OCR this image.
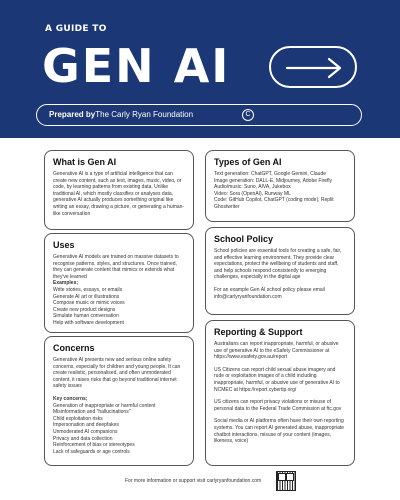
A GUIDE TO
GEN AI
Prepared byThe Carly Ryan Foundation	C
What is Gen AI

Generative AI is a type of artificial intelligence that can create new content, such as text, images, music, video, or code, by learning patterns from existing data. Unlike traditional AI, which mostly classifies or analyses data, generative AI actually produces something original like writing an essay, drawing a picture, or generating a human-like conversation

Uses

Generative AI models are trained on massive datasets to recognise patterns, styles, and structures. Once trained, they can generate content that mimics or extends what they've learned

Examples;

Write stories, essays, or emails
Generate AI art or illustrations
Compose music or mimic voices
Create new product designs
Simulate human conversation
Help with software development
Concerns

Generative AI presents new and serious online safety concerns, especially for children and young people. It can create realistic, personalised, and often unmoderated content, it raises risks that go beyond traditional internet safety issues

Key concerns;

Generation of inappropriate or harmful content
Misinformation and "hallucinations"
Child exploitation risks
Impersonation and deepfakes
Unmoderated AI companions
Privacy and data collection
Reinforcement of bias or stereotypes
Lack of safeguards or age controls
Types of Gen AI
Text generation: ChatGPT, Google Gemini, Claude
Image generation: DALL-E, Midjourney, Adobe Firefly
Audio/music: Suno, AIVA, Jukebox
Video: Sora (OpenAI), Runway ML
Code: GitHub Copilot, ChatGPT (coding mode), Replit Ghostwriter
School Policy

School policies are essential tools for creating a safe, fair, and effective learning environment. They provide clear expectations, protect the wellbeing of students and staff, and help schools respond consistently to emerging challenges, especially in the digital age

For an example Gen AI school policy please email info@carlyryanfoundation.com

Reporting & Support

Australians can report inappropriate, harmful, or abusive use of generative AI to the eSafety Commissioner at https://www.esafety.gov.au/report

US Citizens can report child sexual abuse imagery and rude or exploitation images of a child including inappropriate, harmful, or abusive use of generative AI to NCMEC at https://report.cybertip.org/

US citizens can report privacy violations or misuse of personal data to the Federal Trade Commission at ftc.gov

Social media or AI platforms often have their own reporting systems. You can report AI generated abuse, inappropriate chatbot interactions, misuse of your content (images, likeness, voice)

For more information or support visit carlyryanfoundation.com
